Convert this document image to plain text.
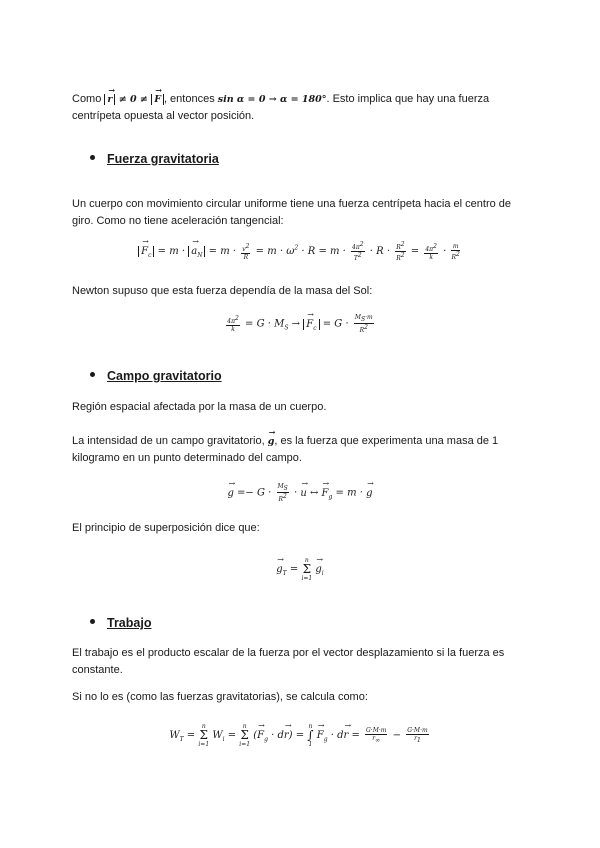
Como → r ≠ 0 ≠ → F , entonces sin α = 0 → α = 180°. Esto implica que hay una fuerza
centrípeta opuesta al vector posición.
Fuerza gravitatoria
Un cuerpo con movimiento circular uniforme tiene una fuerza centrípeta hacia el centro de giro. Como no tiene aceleración tangencial:
→ $F_c = m$ · → $a_N = m \cdot \frac{v^2}{R} = m \cdot \omega^2 \cdot R = m \cdot \frac{4\pi^2}{T^2} \cdot R \cdot \frac{R^2}{R^2} = \frac{4\pi^2}{k} \cdot \frac{m}{R^2}$
Newton supuso que esta fuerza dependía de la masa del Sol:
$\frac{4\pi^2}{k} = G \cdot M_S$ → → $F_c = G \cdot \frac{M_S\cdot m}{R^2}$
Campo gravitatorio
Región espacial afectada por la masa de un cuerpo.
La intensidad de un campo gravitatorio, → g, es la fuerza que experimenta una masa de 1 kilogramo en un punto determinado del campo.
→ $g =- G \cdot \frac{M_S}{R^2}$ · → u ↔ → $F_g = m$ · → g
El principio de superposición dice que:
→ $g_T = n$
Σ
$i=1 \to g_i$
Trabajo
El trabajo es el producto escalar de la fuerza por el vector desplazamiento si la fuerza es constante.
Si no lo es (como las fuerzas gravitatorias), se calcula como:
$W_T = n$
Σ
i=1 $W_i = n$
Σ
i=1 (→ $F_g \cdot d\to r) = n$
∫
$1 \to F_g \cdot d\to r = \frac{G\cdot M\cdot m}{r_\infty} - \frac{G\cdot M\cdot m}{r_1}$
